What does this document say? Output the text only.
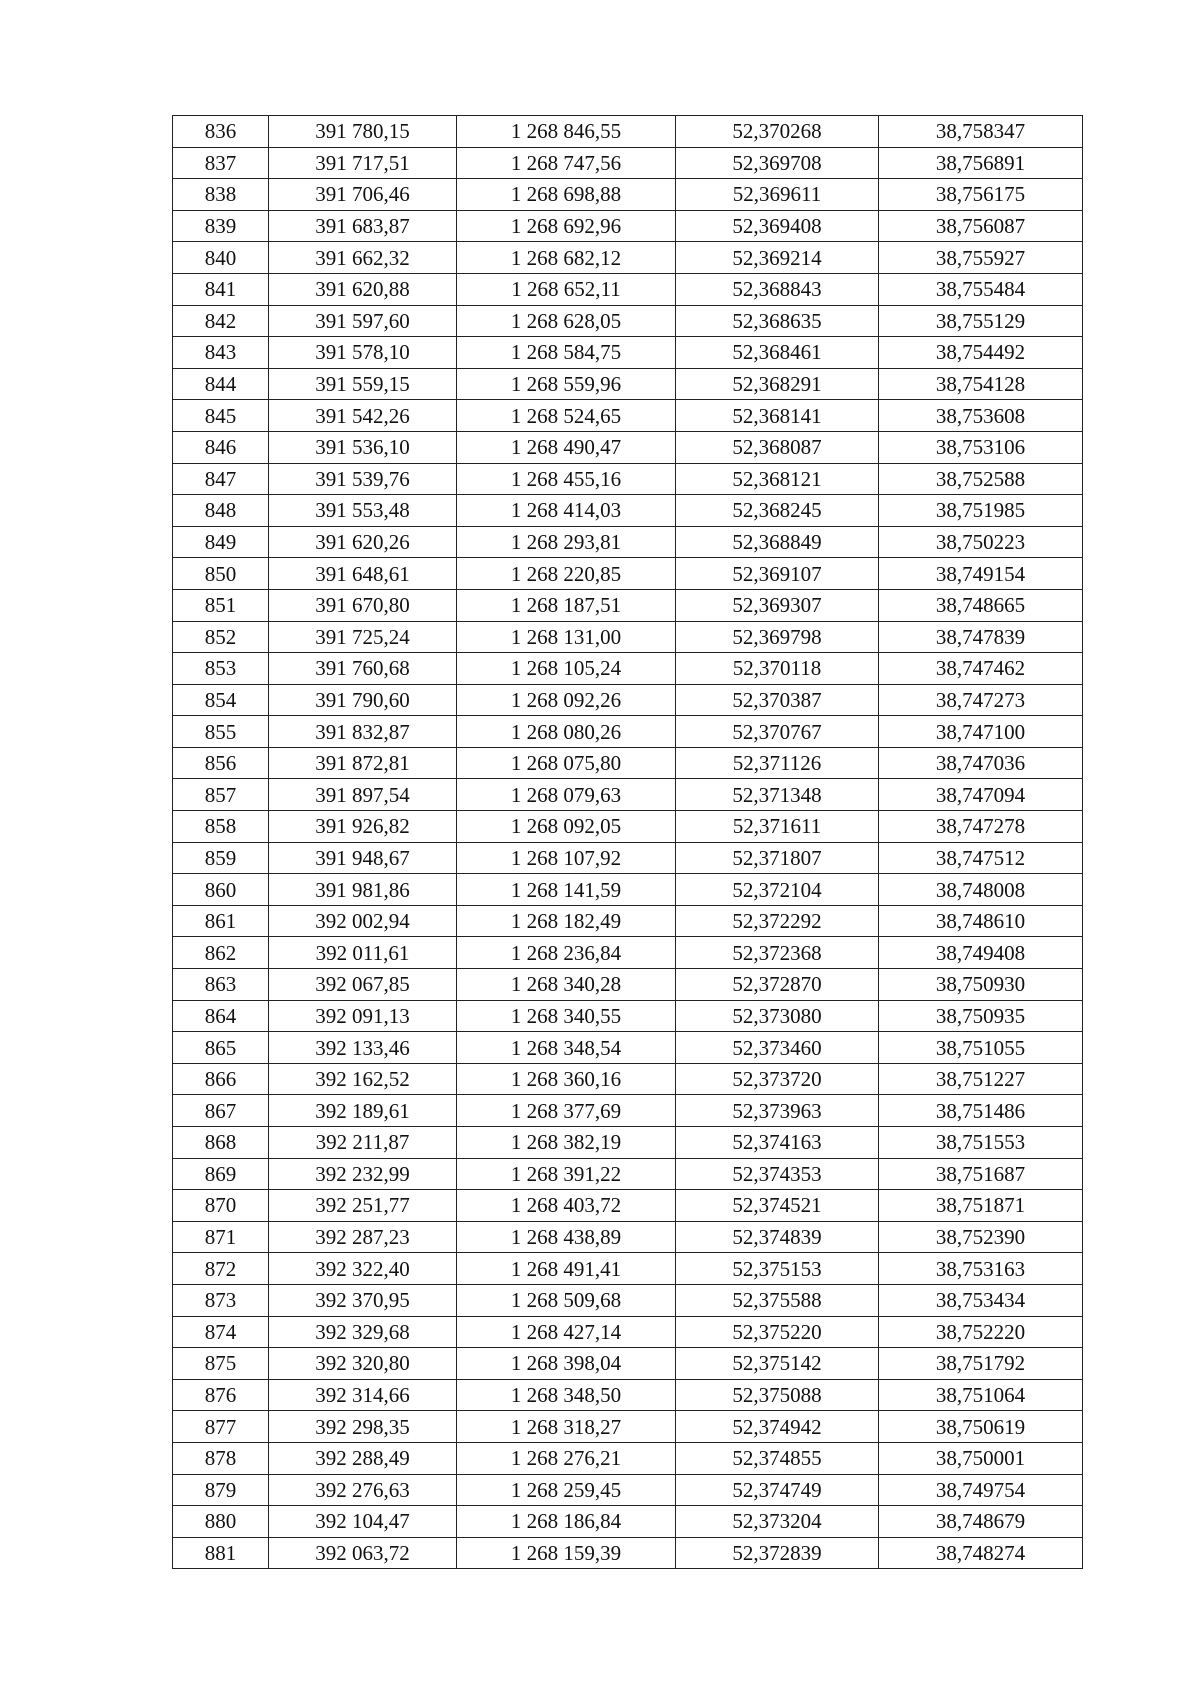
836	391 780,15	1 268 846,55	52,370268	38,758347
837	391 717,51	1 268 747,56	52,369708	38,756891
838	391 706,46	1 268 698,88	52,369611	38,756175
839	391 683,87	1 268 692,96	52,369408	38,756087
840	391 662,32	1 268 682,12	52,369214	38,755927
841	391 620,88	1 268 652,11	52,368843	38,755484
842	391 597,60	1 268 628,05	52,368635	38,755129
843	391 578,10	1 268 584,75	52,368461	38,754492
844	391 559,15	1 268 559,96	52,368291	38,754128
845	391 542,26	1 268 524,65	52,368141	38,753608
846	391 536,10	1 268 490,47	52,368087	38,753106
847	391 539,76	1 268 455,16	52,368121	38,752588
848	391 553,48	1 268 414,03	52,368245	38,751985
849	391 620,26	1 268 293,81	52,368849	38,750223
850	391 648,61	1 268 220,85	52,369107	38,749154
851	391 670,80	1 268 187,51	52,369307	38,748665
852	391 725,24	1 268 131,00	52,369798	38,747839
853	391 760,68	1 268 105,24	52,370118	38,747462
854	391 790,60	1 268 092,26	52,370387	38,747273
855	391 832,87	1 268 080,26	52,370767	38,747100
856	391 872,81	1 268 075,80	52,371126	38,747036
857	391 897,54	1 268 079,63	52,371348	38,747094
858	391 926,82	1 268 092,05	52,371611	38,747278
859	391 948,67	1 268 107,92	52,371807	38,747512
860	391 981,86	1 268 141,59	52,372104	38,748008
861	392 002,94	1 268 182,49	52,372292	38,748610
862	392 011,61	1 268 236,84	52,372368	38,749408
863	392 067,85	1 268 340,28	52,372870	38,750930
864	392 091,13	1 268 340,55	52,373080	38,750935
865	392 133,46	1 268 348,54	52,373460	38,751055
866	392 162,52	1 268 360,16	52,373720	38,751227
867	392 189,61	1 268 377,69	52,373963	38,751486
868	392 211,87	1 268 382,19	52,374163	38,751553
869	392 232,99	1 268 391,22	52,374353	38,751687
870	392 251,77	1 268 403,72	52,374521	38,751871
871	392 287,23	1 268 438,89	52,374839	38,752390
872	392 322,40	1 268 491,41	52,375153	38,753163
873	392 370,95	1 268 509,68	52,375588	38,753434
874	392 329,68	1 268 427,14	52,375220	38,752220
875	392 320,80	1 268 398,04	52,375142	38,751792
876	392 314,66	1 268 348,50	52,375088	38,751064
877	392 298,35	1 268 318,27	52,374942	38,750619
878	392 288,49	1 268 276,21	52,374855	38,750001
879	392 276,63	1 268 259,45	52,374749	38,749754
880	392 104,47	1 268 186,84	52,373204	38,748679
881	392 063,72	1 268 159,39	52,372839	38,748274
